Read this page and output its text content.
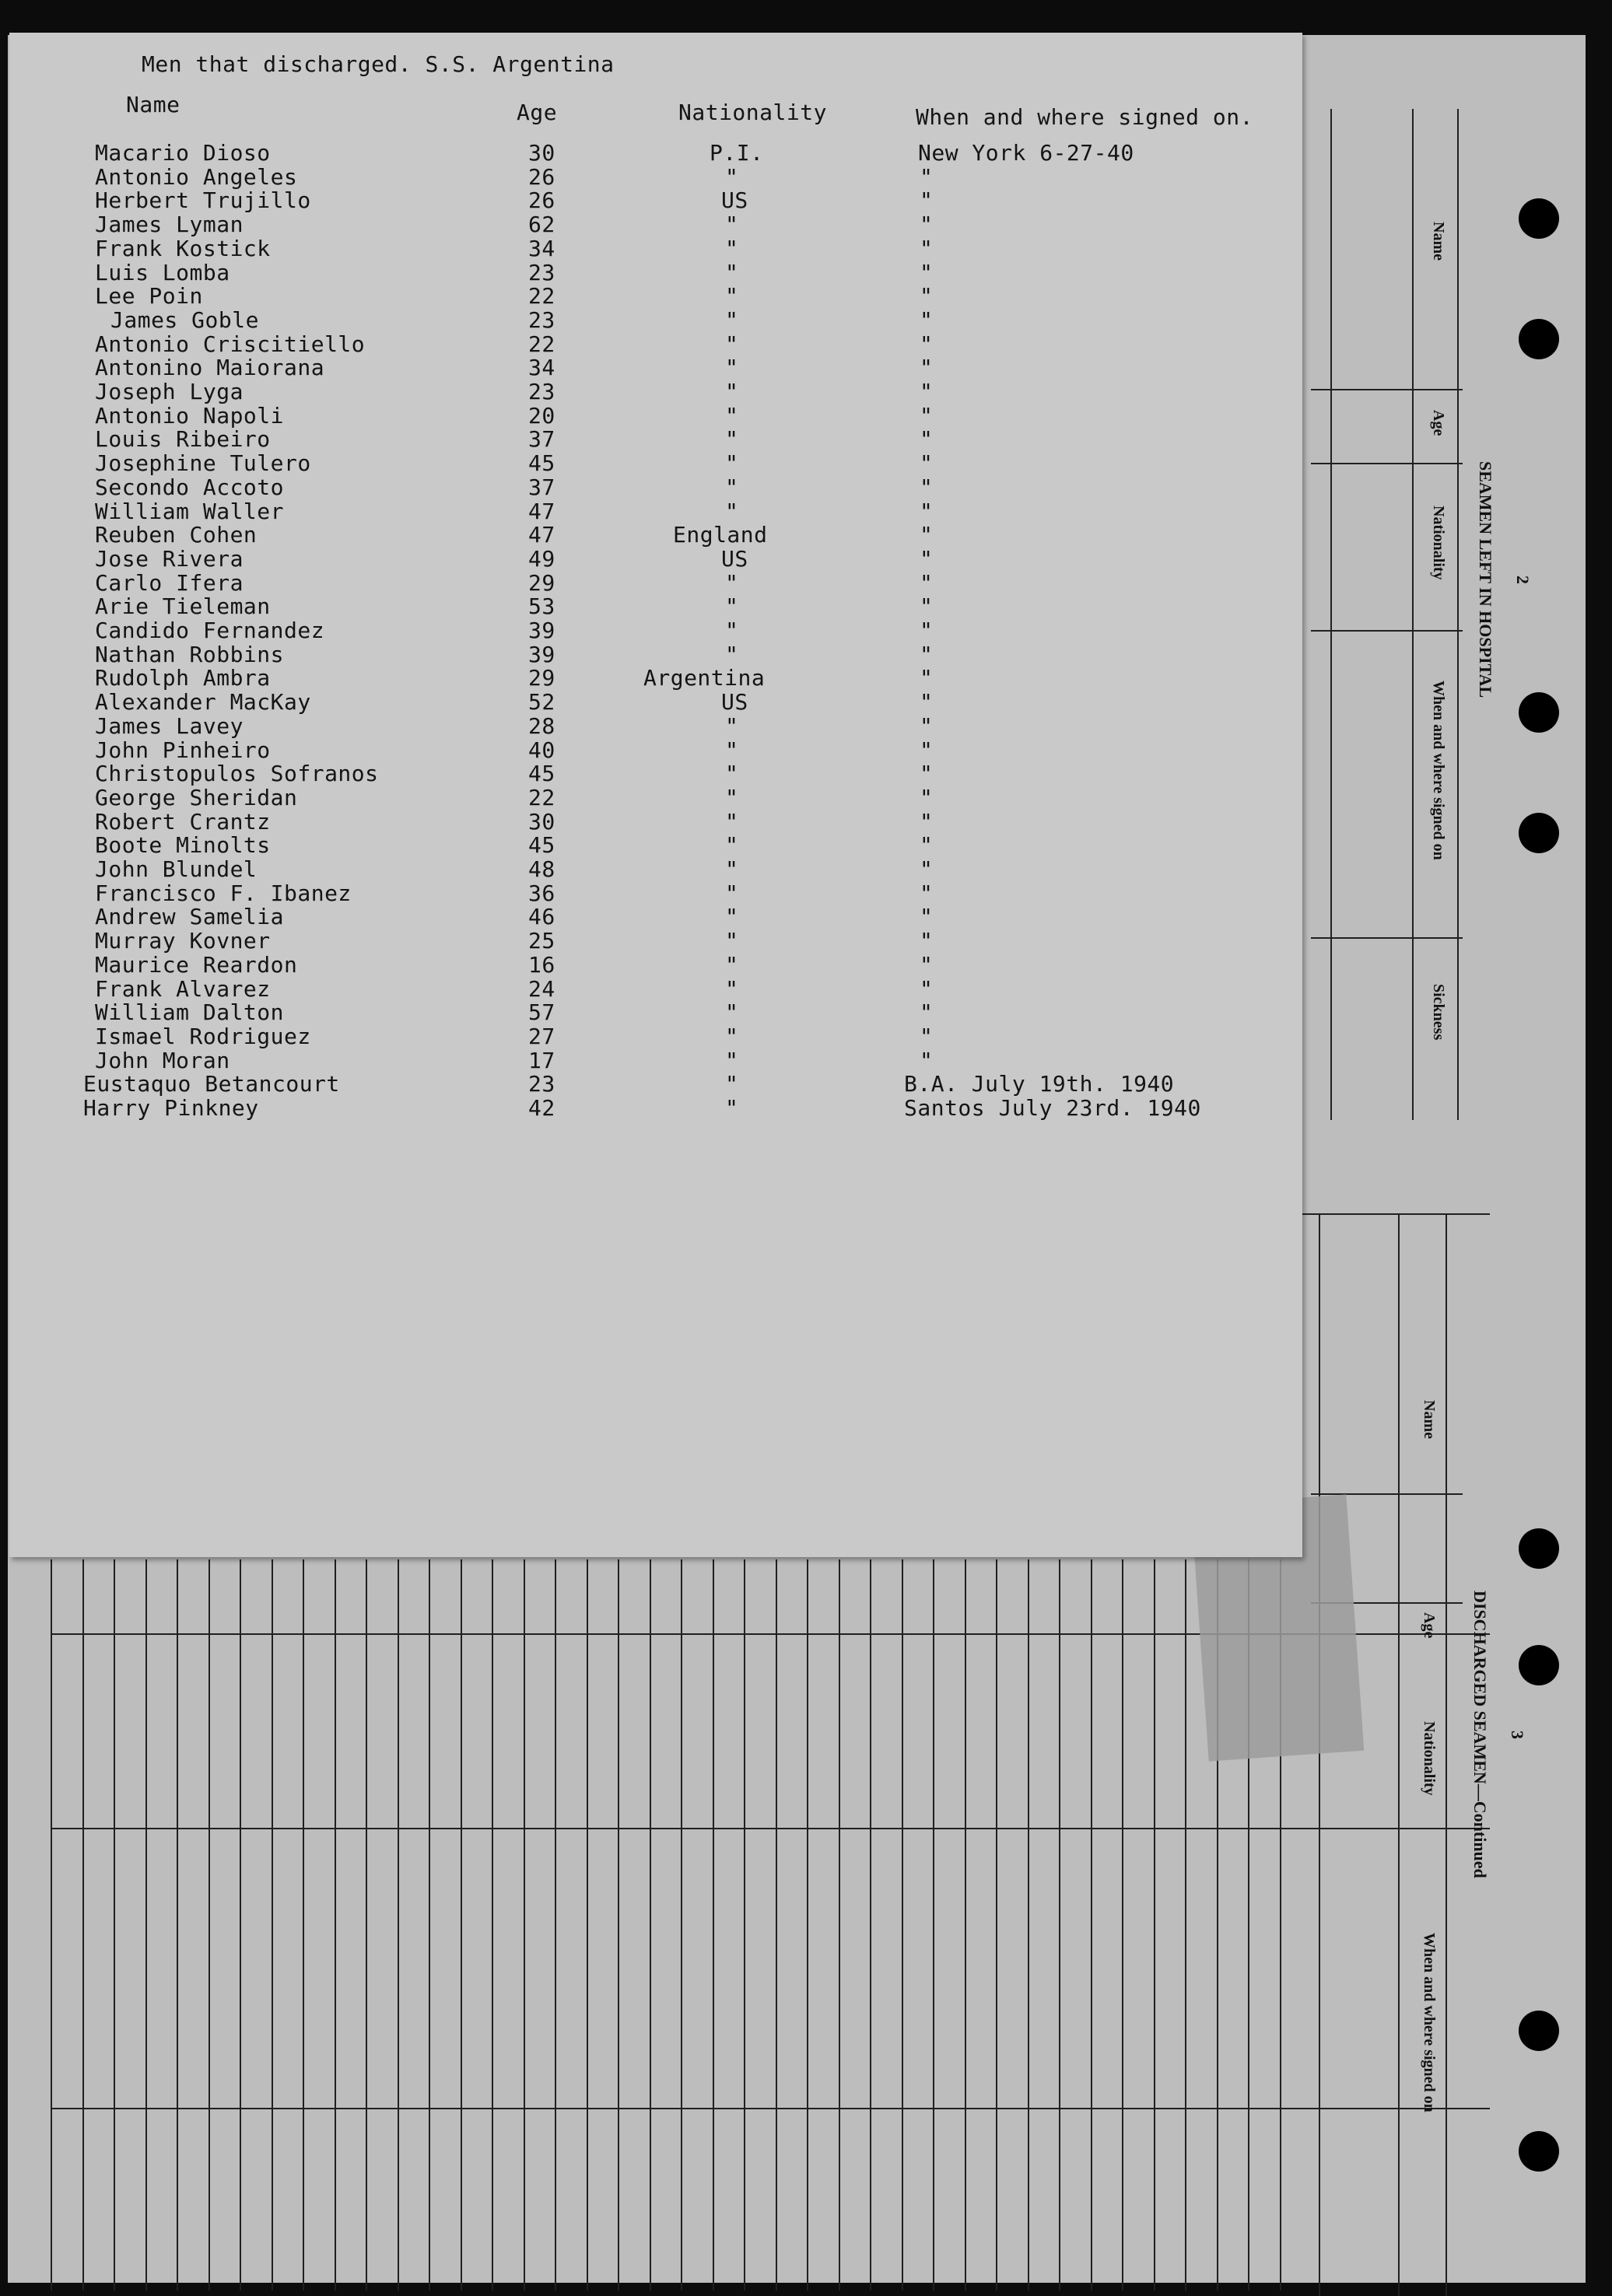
Name
Age
Nationality
When and where signed on
Sickness
SEAMEN LEFT IN HOSPITAL 2
Name
Age
Nationality
When and where signed on
DISCHARGED SEAMEN—Continued 3
Men that discharged. S.S. Argentina
Name	Age	Nationality	When and where signed on.
Macario Dioso	30	P.I.	New York 6-27-40
Antonio Angeles	26	"	"
Herbert Trujillo	26	US	"
James Lyman	62	"	"
Frank Kostick	34	"	"
Luis Lomba	23	"	"
Lee Poin	22	"	"
James Goble	23	"	"
Antonio Criscitiello	22	"	"
Antonino Maiorana	34	"	"
Joseph Lyga	23	"	"
Antonio Napoli	20	"	"
Louis Ribeiro	37	"	"
Josephine Tulero	45	"	"
Secondo Accoto	37	"	"
William Waller	47	"	"
Reuben Cohen	47	England	"
Jose Rivera	49	US	"
Carlo Ifera	29	"	"
Arie Tieleman	53	"	"
Candido Fernandez	39	"	"
Nathan Robbins	39	"	"
Rudolph Ambra	29	Argentina	"
Alexander MacKay	52	US	"
James Lavey	28	"	"
John Pinheiro	40	"	"
Christopulos Sofranos	45	"	"
George Sheridan	22	"	"
Robert Crantz	30	"	"
Boote Minolts	45	"	"
John Blundel	48	"	"
Francisco F. Ibanez	36	"	"
Andrew Samelia	46	"	"
Murray Kovner	25	"	"
Maurice Reardon	16	"	"
Frank Alvarez	24	"	"
William Dalton	57	"	"
Ismael Rodriguez	27	"	"
John Moran	17	"	"
Eustaquo Betancourt	23	"	B.A. July 19th. 1940
Harry Pinkney	42	"	Santos July 23rd. 1940
